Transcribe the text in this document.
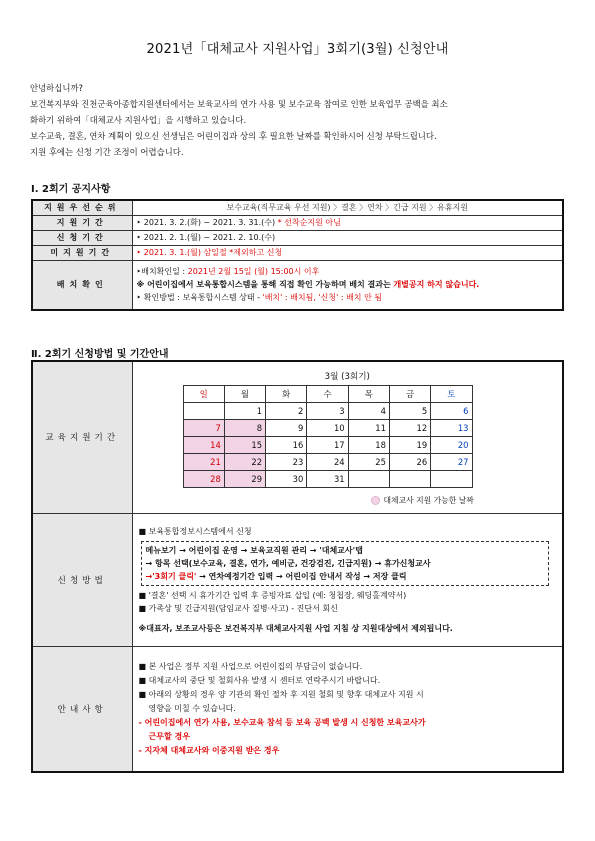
2021년「대체교사 지원사업」3회기(3월) 신청안내

안녕하십니까?

보건복지부와 진천군육아종합지원센터에서는 보육교사의 연가 사용 및 보수교육 참여로 인한 보육업무 공백을 최소

화하기 위하여「대체교사 지원사업」을 시행하고 있습니다.

보수교육, 결혼, 연차 계획이 있으신 선생님은 어린이집과 상의 후 필요한 날짜를 확인하시어 신청 부탁드립니다.

지원 후에는 신청 기간 조정이 어렵습니다.

Ⅰ. 2회기 공지사항
지원우선순위	보수교육(직무교육 우선 지원) 〉결혼 〉연차 〉긴급 지원 〉유휴지원
지원기간	‣ 2021. 3. 2.(화) ~ 2021. 3. 31.(수) * 선착순지원 아님
신청기간	‣ 2021. 2. 1.(월) ~ 2021. 2. 10.(수)
미지원기간	‣ 2021. 3. 1.(월) 삼일절 *제외하고 신청
배치확인	‣배치확인일 : 2021년 2월 15일 (월) 15:00시 이후
※ 어린이집에서 보육통합시스템을 통해 직접 확인 가능하며 배치 결과는 개별공지 하지 않습니다.
‣ 확인방법 : 보육통합시스템 상태 - '배치' : 배치됨, '신청' : 배치 안 됨
Ⅱ. 2회기 신청방법 및 기간안내
교육지원기간	
3월 (3회기)
일	월	화	수	목	금	토
	1	2	3	4	5	6
7	8	9	10	11	12	13
14	15	16	17	18	19	20
21	22	23	24	25	26	27
28	29	30	31			
대체교사 지원 가능한 날짜

신청방법	
■ 보육통합정보시스템에서 신청
메뉴보기 → 어린이집 운영 → 보육교직원 관리 → '대체교사'탭
→ 항목 선택(보수교육, 결혼, 연가, 예비군, 건강검진, 긴급지원) → 휴가신청교사
→'3회기 클릭' → 연차예정기간 입력 → 어린이집 안내서 작성 → 저장 클릭
■ '결혼' 선택 시 휴가기간 입력 후 증빙자료 삽입 (예: 청첩장, 웨딩홀계약서)
■ 가족상 및 긴급지원(담임교사 질병·사고) - 진단서 회신
※대표자, 보조교사등은 보건복지부 대체교사지원 사업 지침 상 지원대상에서 제외됩니다.

안내사항	
■ 본 사업은 정부 지원 사업으로 어린이집의 부담금이 없습니다.
■ 대체교사의 중단 및 철회사유 발생 시 센터로 연락주시기 바랍니다.
■ 아래의 상황의 경우 양 기관의 확인 절차 후 지원 철회 및 향후 대체교사 지원 시
영향을 미칠 수 있습니다.
- 어린이집에서 연가 사용, 보수교육 참석 등 보육 공백 발생 시 신청한 보육교사가
근무할 경우
- 지자체 대체교사와 이중지원 받은 경우
